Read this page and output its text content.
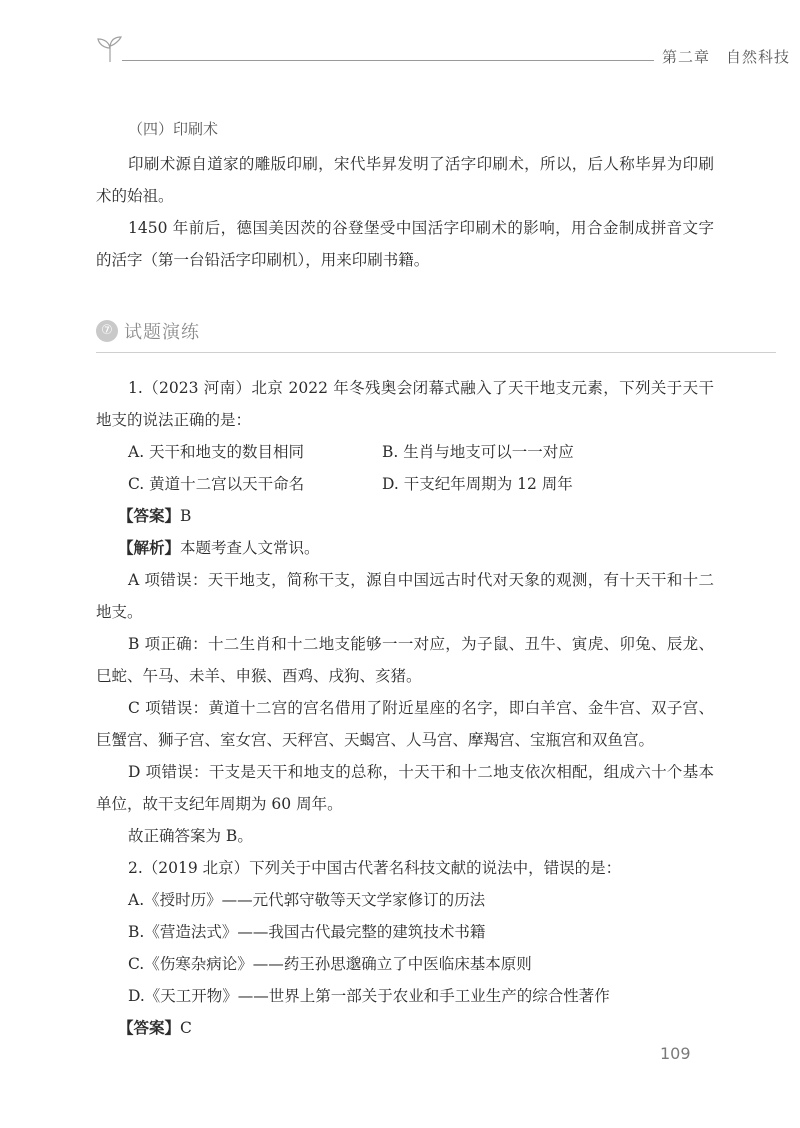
第二章　自然科技
（四）印刷术

印刷术源自道家的雕版印刷，宋代毕昇发明了活字印刷术，所以，后人称毕昇为印刷术的始祖。

1450 年前后，德国美因茨的谷登堡受中国活字印刷术的影响，用合金制成拼音文字的活字（第一台铅活字印刷机），用来印刷书籍。

⑦ 试题演练

1.（2023 河南）北京 2022 年冬残奥会闭幕式融入了天干地支元素，下列关于天干地支的说法正确的是：

A. 天干和地支的数目相同	B. 生肖与地支可以一一对应
C. 黄道十二宫以天干命名	D. 干支纪年周期为 12 周年

【答案】B

【解析】本题考查人文常识。

A 项错误：天干地支，简称干支，源自中国远古时代对天象的观测，有十天干和十二地支。

B 项正确：十二生肖和十二地支能够一一对应，为子鼠、丑牛、寅虎、卯兔、辰龙、巳蛇、午马、未羊、申猴、酉鸡、戌狗、亥猪。

C 项错误：黄道十二宫的宫名借用了附近星座的名字，即白羊宫、金牛宫、双子宫、巨蟹宫、狮子宫、室女宫、天秤宫、天蝎宫、人马宫、摩羯宫、宝瓶宫和双鱼宫。

D 项错误：干支是天干和地支的总称，十天干和十二地支依次相配，组成六十个基本单位，故干支纪年周期为 60 周年。

故正确答案为 B。

2.（2019 北京）下列关于中国古代著名科技文献的说法中，错误的是：

A.《授时历》——元代郭守敬等天文学家修订的历法

B.《营造法式》——我国古代最完整的建筑技术书籍

C.《伤寒杂病论》——药王孙思邈确立了中医临床基本原则

D.《天工开物》——世界上第一部关于农业和手工业生产的综合性著作

【答案】C

109
